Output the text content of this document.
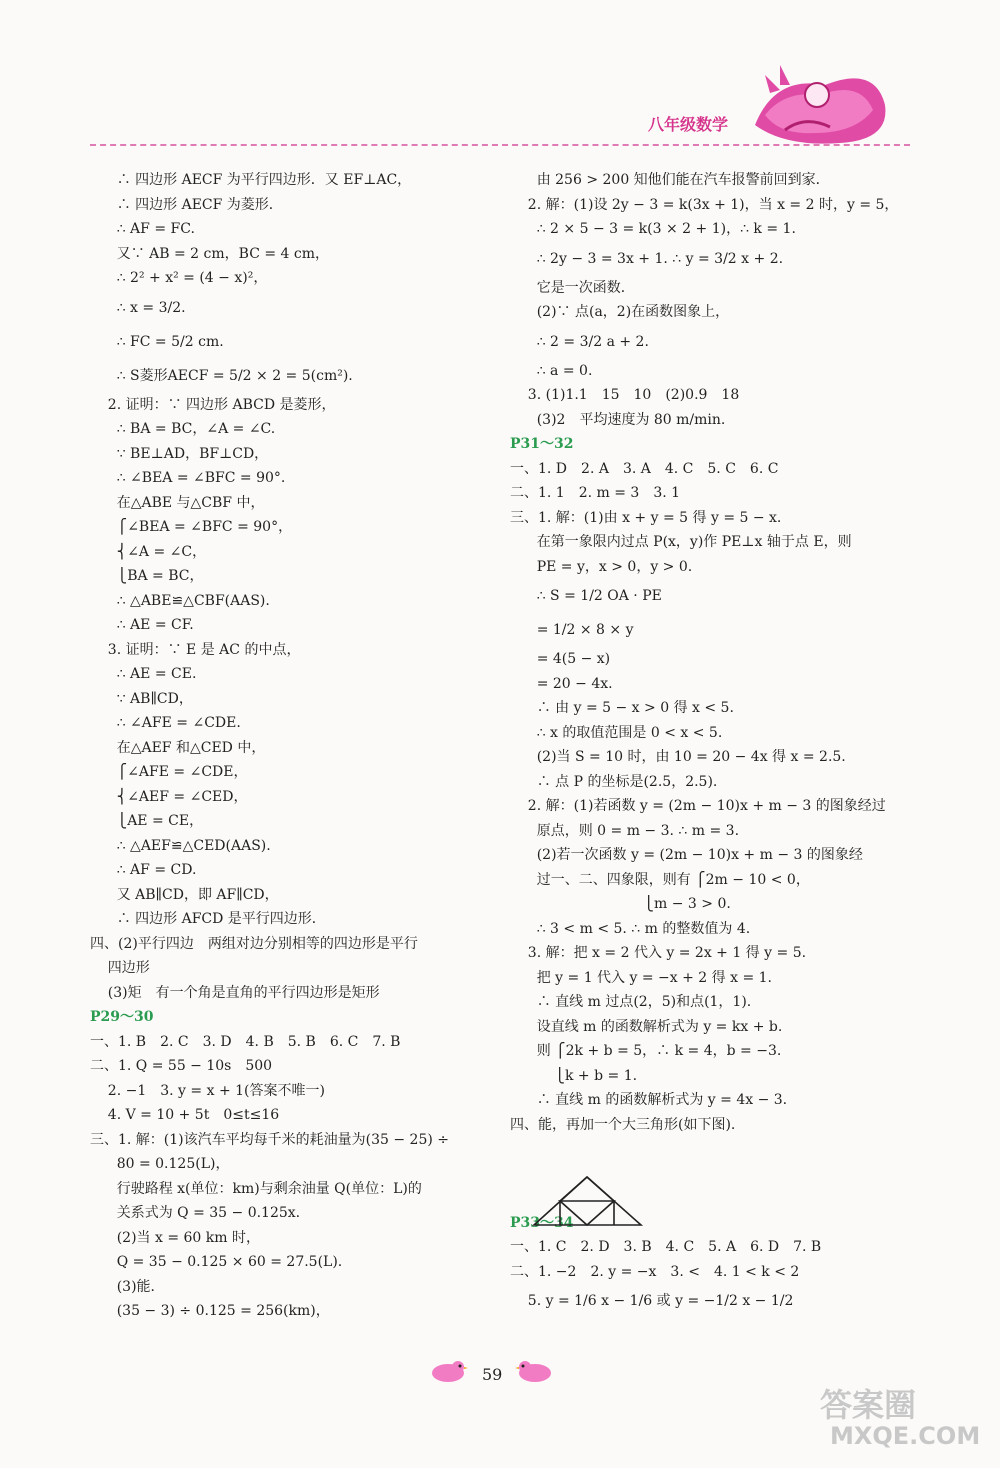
八年级数学
∴ 四边形 AECF 为平行四边形．又 EF⊥AC，
∴ 四边形 AECF 为菱形．
∴ AF = FC.
又∵ AB = 2 cm，BC = 4 cm，
∴ 2² + x² = (4 − x)²，
∴ x = 3/2.
∴ FC = 5/2 cm.
∴ S菱形AECF = 5/2 × 2 = 5(cm²).
2. 证明：∵ 四边形 ABCD 是菱形，
∴ BA = BC，∠A = ∠C.
∵ BE⊥AD，BF⊥CD，
∴ ∠BEA = ∠BFC = 90°.
在△ABE 与△CBF 中，
⎧∠BEA = ∠BFC = 90°，
⎨∠A = ∠C，
⎩BA = BC，
∴ △ABE≌△CBF(AAS).
∴ AE = CF.
3. 证明：∵ E 是 AC 的中点，
∴ AE = CE.
∵ AB∥CD，
∴ ∠AFE = ∠CDE.
在△AEF 和△CED 中，
⎧∠AFE = ∠CDE，
⎨∠AEF = ∠CED，
⎩AE = CE，
∴ △AEF≌△CED(AAS).
∴ AF = CD.
又 AB∥CD，即 AF∥CD，
∴ 四边形 AFCD 是平行四边形．
四、(2)平行四边　两组对边分别相等的四边形是平行
四边形
(3)矩　有一个角是直角的平行四边形是矩形
P29～30
一、1. B　2. C　3. D　4. B　5. B　6. C　7. B
二、1. Q = 55 − 10s　500
2. −1　3. y = x + 1(答案不唯一)
4. V = 10 + 5t　0≤t≤16
三、1. 解：(1)该汽车平均每千米的耗油量为(35 − 25) ÷
80 = 0.125(L)，
行驶路程 x(单位：km)与剩余油量 Q(单位：L)的
关系式为 Q = 35 − 0.125x.
(2)当 x = 60 km 时，
Q = 35 − 0.125 × 60 = 27.5(L).
(3)能．
(35 − 3) ÷ 0.125 = 256(km)，
由 256 > 200 知他们能在汽车报警前回到家．
2. 解：(1)设 2y − 3 = k(3x + 1)，当 x = 2 时，y = 5，
∴ 2 × 5 − 3 = k(3 × 2 + 1)，∴ k = 1.
∴ 2y − 3 = 3x + 1. ∴ y = 3/2 x + 2.
它是一次函数．
(2)∵ 点(a，2)在函数图象上，
∴ 2 = 3/2 a + 2.
∴ a = 0.
3. (1)1.1　15　10　(2)0.9　18
(3)2　平均速度为 80 m/min.
P31～32
一、1. D　2. A　3. A　4. C　5. C　6. C
二、1. 1　2. m = 3　3. 1
三、1. 解：(1)由 x + y = 5 得 y = 5 − x.
在第一象限内过点 P(x，y)作 PE⊥x 轴于点 E，则
PE = y，x > 0，y > 0.
∴ S = 1/2 OA · PE
= 1/2 × 8 × y
= 4(5 − x)
= 20 − 4x.
∴ 由 y = 5 − x > 0 得 x < 5.
∴ x 的取值范围是 0 < x < 5.
(2)当 S = 10 时，由 10 = 20 − 4x 得 x = 2.5.
∴ 点 P 的坐标是(2.5，2.5).
2. 解：(1)若函数 y = (2m − 10)x + m − 3 的图象经过
原点，则 0 = m − 3. ∴ m = 3.
(2)若一次函数 y = (2m − 10)x + m − 3 的图象经
过一、二、四象限，则有 ⎧2m − 10 < 0，
⎩m − 3 > 0.
∴ 3 < m < 5. ∴ m 的整数值为 4.
3. 解：把 x = 2 代入 y = 2x + 1 得 y = 5.
把 y = 1 代入 y = −x + 2 得 x = 1.
∴ 直线 m 过点(2，5)和点(1，1).
设直线 m 的函数解析式为 y = kx + b.
则 ⎧2k + b = 5，∴ k = 4，b = −3.
⎩k + b = 1.
∴ 直线 m 的函数解析式为 y = 4x − 3.
四、能，再加一个大三角形(如下图).
P33～34
一、1. C　2. D　3. B　4. C　5. A　6. D　7. B
二、1. −2　2. y = −x　3. <　4. 1 < k < 2
5. y = 1/6 x − 1/6 或 y = −1/2 x − 1/2
59
答案圈
MXQE.COM
